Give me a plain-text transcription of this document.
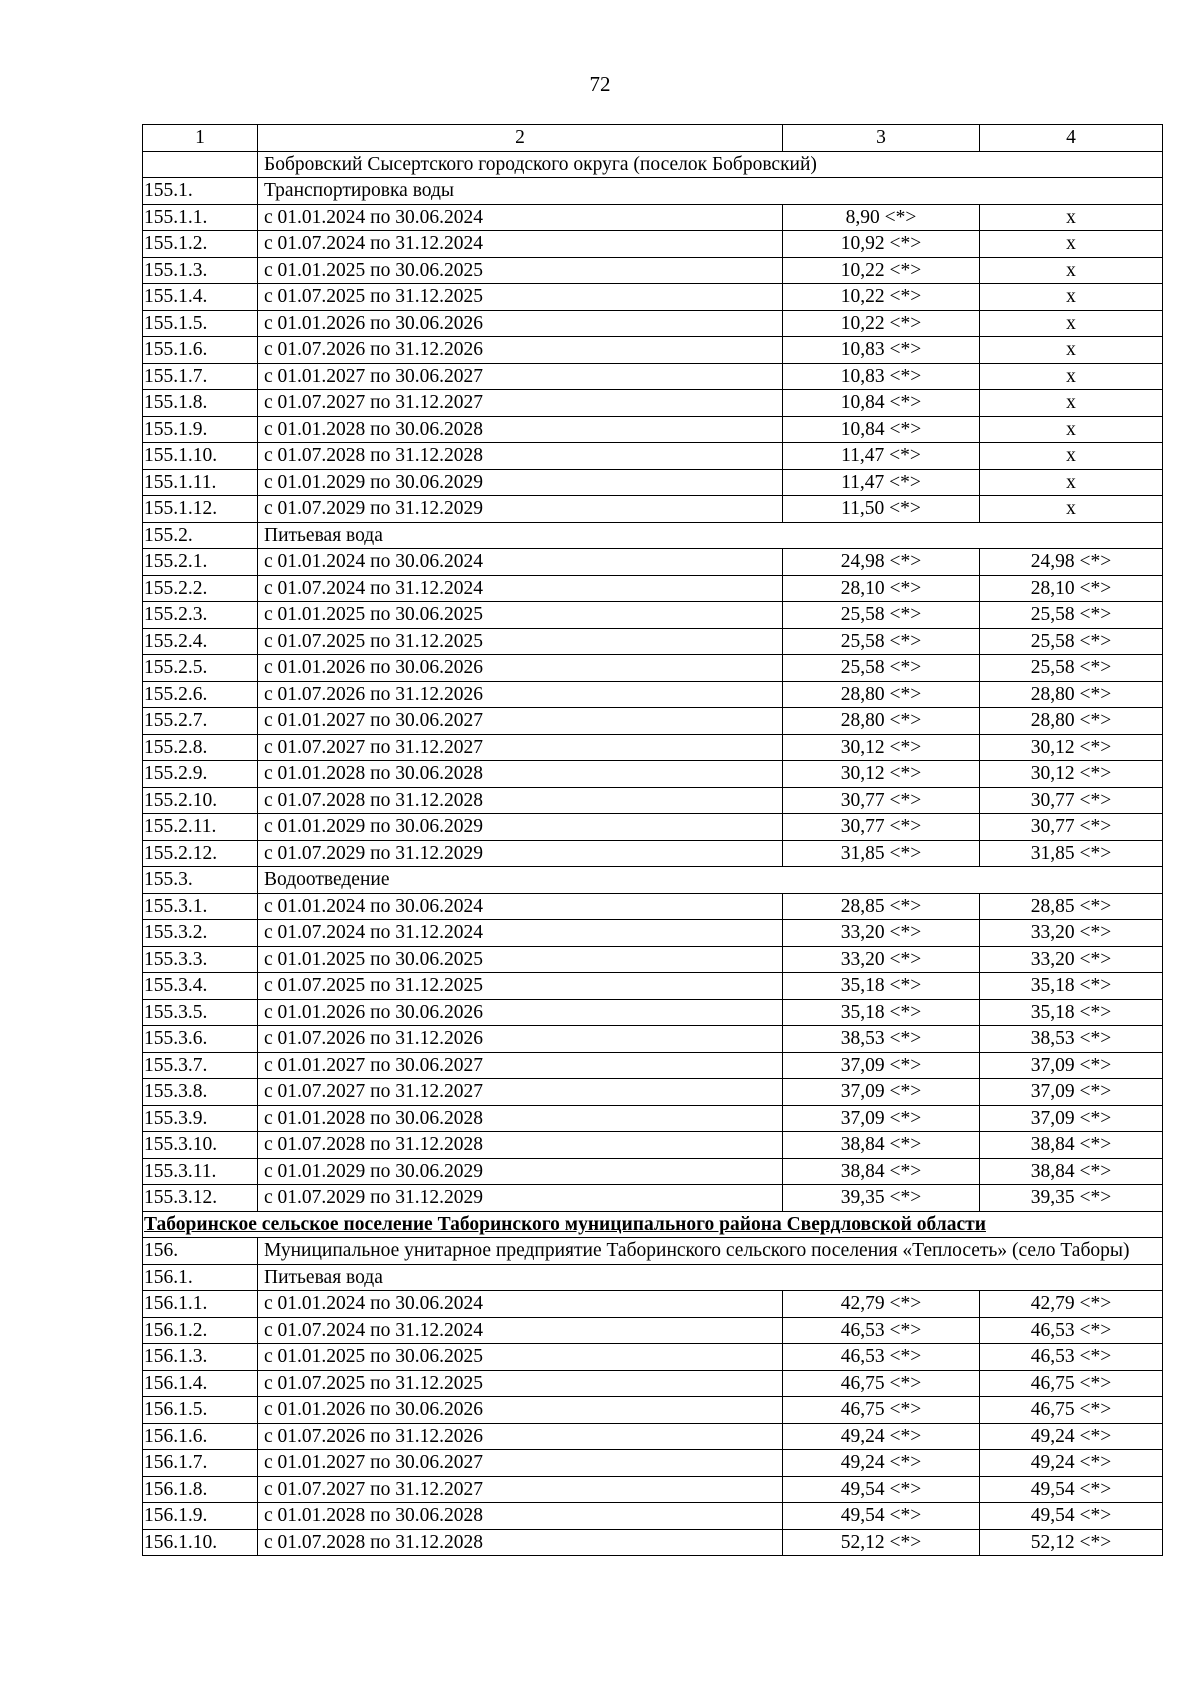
72
1	2	3	4
	Бобровский Сысертского городского округа (поселок Бобровский)		
155.1.	Транспортировка воды		
155.1.1.	с 01.01.2024 по 30.06.2024	8,90 <*>	x
155.1.2.	с 01.07.2024 по 31.12.2024	10,92 <*>	x
155.1.3.	с 01.01.2025 по 30.06.2025	10,22 <*>	x
155.1.4.	с 01.07.2025 по 31.12.2025	10,22 <*>	x
155.1.5.	с 01.01.2026 по 30.06.2026	10,22 <*>	x
155.1.6.	с 01.07.2026 по 31.12.2026	10,83 <*>	x
155.1.7.	с 01.01.2027 по 30.06.2027	10,83 <*>	x
155.1.8.	с 01.07.2027 по 31.12.2027	10,84 <*>	x
155.1.9.	с 01.01.2028 по 30.06.2028	10,84 <*>	x
155.1.10.	с 01.07.2028 по 31.12.2028	11,47 <*>	x
155.1.11.	с 01.01.2029 по 30.06.2029	11,47 <*>	x
155.1.12.	с 01.07.2029 по 31.12.2029	11,50 <*>	x
155.2.	Питьевая вода		
155.2.1.	с 01.01.2024 по 30.06.2024	24,98 <*>	24,98 <*>
155.2.2.	с 01.07.2024 по 31.12.2024	28,10 <*>	28,10 <*>
155.2.3.	с 01.01.2025 по 30.06.2025	25,58 <*>	25,58 <*>
155.2.4.	с 01.07.2025 по 31.12.2025	25,58 <*>	25,58 <*>
155.2.5.	с 01.01.2026 по 30.06.2026	25,58 <*>	25,58 <*>
155.2.6.	с 01.07.2026 по 31.12.2026	28,80 <*>	28,80 <*>
155.2.7.	с 01.01.2027 по 30.06.2027	28,80 <*>	28,80 <*>
155.2.8.	с 01.07.2027 по 31.12.2027	30,12 <*>	30,12 <*>
155.2.9.	с 01.01.2028 по 30.06.2028	30,12 <*>	30,12 <*>
155.2.10.	с 01.07.2028 по 31.12.2028	30,77 <*>	30,77 <*>
155.2.11.	с 01.01.2029 по 30.06.2029	30,77 <*>	30,77 <*>
155.2.12.	с 01.07.2029 по 31.12.2029	31,85 <*>	31,85 <*>
155.3.	Водоотведение		
155.3.1.	с 01.01.2024 по 30.06.2024	28,85 <*>	28,85 <*>
155.3.2.	с 01.07.2024 по 31.12.2024	33,20 <*>	33,20 <*>
155.3.3.	с 01.01.2025 по 30.06.2025	33,20 <*>	33,20 <*>
155.3.4.	с 01.07.2025 по 31.12.2025	35,18 <*>	35,18 <*>
155.3.5.	с 01.01.2026 по 30.06.2026	35,18 <*>	35,18 <*>
155.3.6.	с 01.07.2026 по 31.12.2026	38,53 <*>	38,53 <*>
155.3.7.	с 01.01.2027 по 30.06.2027	37,09 <*>	37,09 <*>
155.3.8.	с 01.07.2027 по 31.12.2027	37,09 <*>	37,09 <*>
155.3.9.	с 01.01.2028 по 30.06.2028	37,09 <*>	37,09 <*>
155.3.10.	с 01.07.2028 по 31.12.2028	38,84 <*>	38,84 <*>
155.3.11.	с 01.01.2029 по 30.06.2029	38,84 <*>	38,84 <*>
155.3.12.	с 01.07.2029 по 31.12.2029	39,35 <*>	39,35 <*>
Таборинское сельское поселение Таборинского муниципального района Свердловской области			
156.	Муниципальное унитарное предприятие Таборинского сельского поселения «Теплосеть» (село Таборы)		
156.1.	Питьевая вода		
156.1.1.	с 01.01.2024 по 30.06.2024	42,79 <*>	42,79 <*>
156.1.2.	с 01.07.2024 по 31.12.2024	46,53 <*>	46,53 <*>
156.1.3.	с 01.01.2025 по 30.06.2025	46,53 <*>	46,53 <*>
156.1.4.	с 01.07.2025 по 31.12.2025	46,75 <*>	46,75 <*>
156.1.5.	с 01.01.2026 по 30.06.2026	46,75 <*>	46,75 <*>
156.1.6.	с 01.07.2026 по 31.12.2026	49,24 <*>	49,24 <*>
156.1.7.	с 01.01.2027 по 30.06.2027	49,24 <*>	49,24 <*>
156.1.8.	с 01.07.2027 по 31.12.2027	49,54 <*>	49,54 <*>
156.1.9.	с 01.01.2028 по 30.06.2028	49,54 <*>	49,54 <*>
156.1.10.	с 01.07.2028 по 31.12.2028	52,12 <*>	52,12 <*>
